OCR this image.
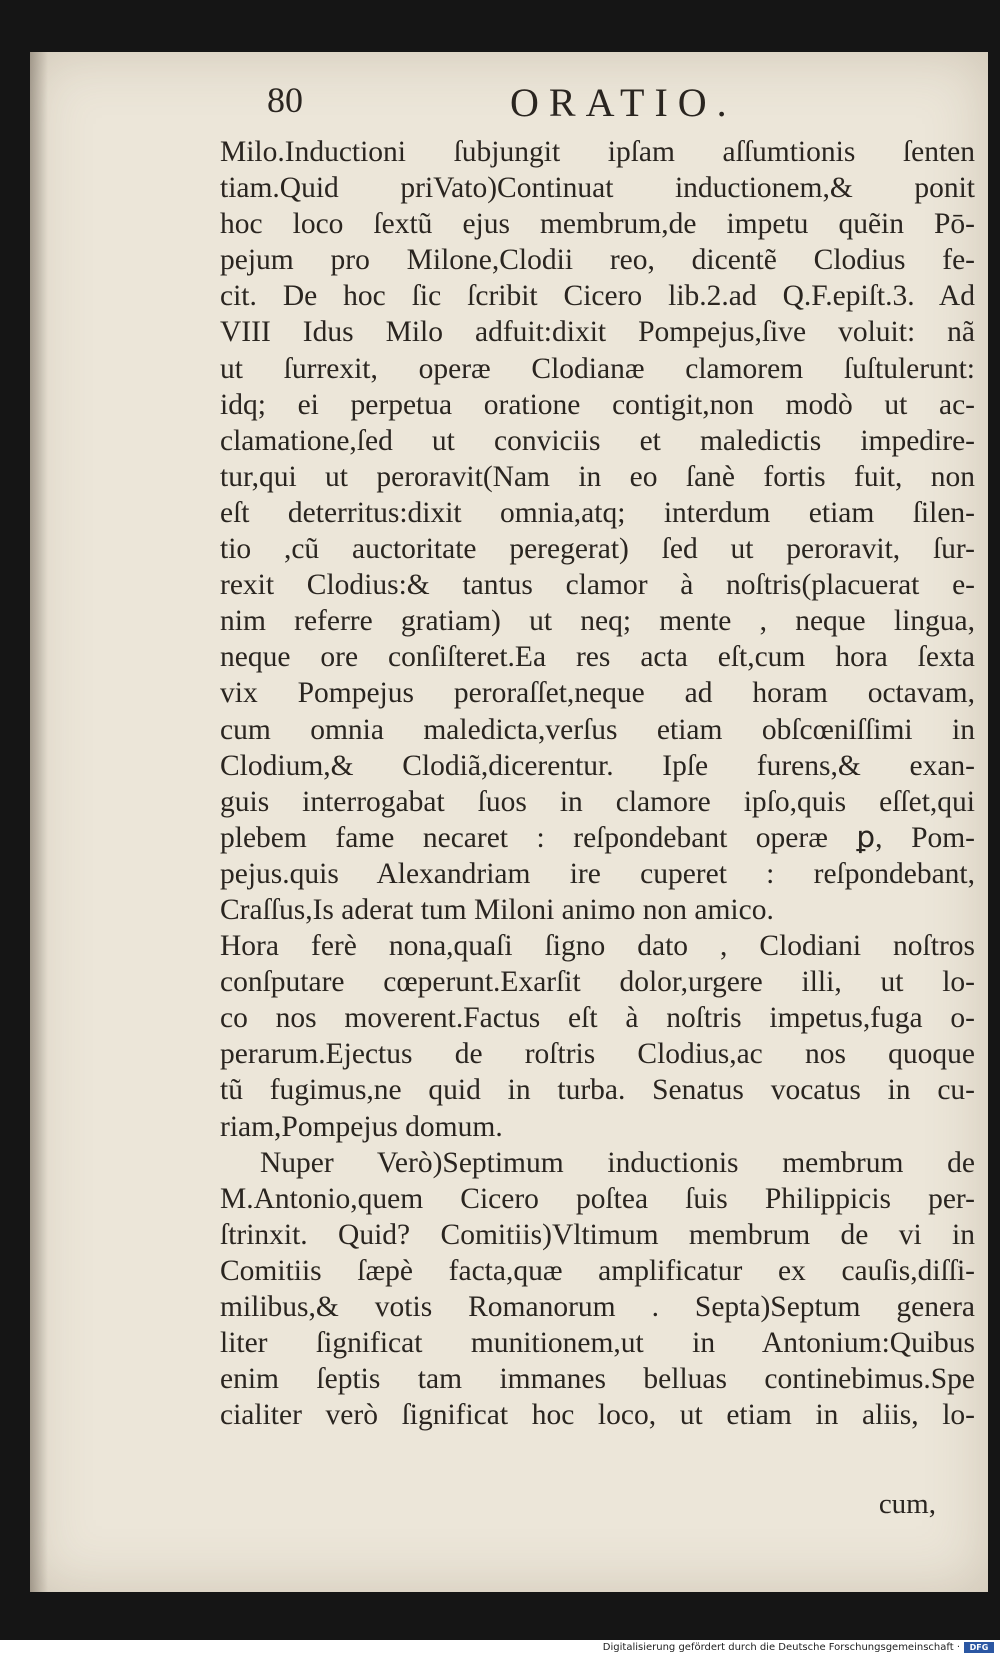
80	ORATIO.
Milo.Inductioni ſubjungit ipſam aſſumtionis ſenten
tiam.Quid priVato)Continuat inductionem,& ponit
hoc loco ſextũ ejus membrum,de impetu quẽin Pō-
pejum pro Milone,Clodii reo, dicentẽ Clodius fe-
cit. De hoc ſic ſcribit Cicero lib.2.ad Q.F.epiſt.3. Ad
VIII Idus Milo adfuit:dixit Pompejus,ſive voluit: nã
ut ſurrexit, operæ Clodianæ clamorem ſuſtulerunt:
idq; ei perpetua oratione contigit,non modò ut ac-
clamatione,ſed ut conviciis et maledictis impedire-
tur,qui ut peroravit(Nam in eo ſanè fortis fuit, non
eſt deterritus:dixit omnia,atq; interdum etiam ſilen-
tio ,cũ auctoritate peregerat) ſed ut peroravit, ſur-
rexit Clodius:& tantus clamor à noſtris(placuerat e-
nim referre gratiam) ut neq; mente , neque lingua,
neque ore conſiſteret.Ea res acta eſt,cum hora ſexta
vix Pompejus peroraſſet,neque ad horam octavam,
cum omnia maledicta,verſus etiam obſcœniſſimi in
Clodium,& Clodiã,dicerentur. Ipſe furens,& exan-
guis interrogabat ſuos in clamore ipſo,quis eſſet,qui
plebem fame necaret : reſpondebant operæ ꝑ, Pom-
pejus.quis Alexandriam ire cuperet : reſpondebant,
Craſſus,Is aderat tum Miloni animo non amico.
Hora ferè nona,quaſi ſigno dato , Clodiani noſtros
conſputare cœperunt.Exarſit dolor,urgere illi, ut lo-
co nos moverent.Factus eſt à noſtris impetus,fuga o-
perarum.Ejectus de roſtris Clodius,ac nos quoque
tũ fugimus,ne quid in turba. Senatus vocatus in cu-
riam,Pompejus domum.
Nuper Verò)Septimum inductionis membrum de
M.Antonio,quem Cicero poſtea ſuis Philippicis per-
ſtrinxit. Quid? Comitiis)Vltimum membrum de vi in
Comitiis ſæpè facta,quæ amplificatur ex cauſis,diſſi-
milibus,& votis Romanorum . Septa)Septum genera
liter ſignificat munitionem,ut in Antonium:Quibus
enim ſeptis tam immanes belluas continebimus.Spe
cialiter verò ſignificat hoc loco, ut etiam in aliis, lo-
cum,
Digitalisierung gefördert durch die Deutsche Forschungsgemeinschaft ·	DFG
